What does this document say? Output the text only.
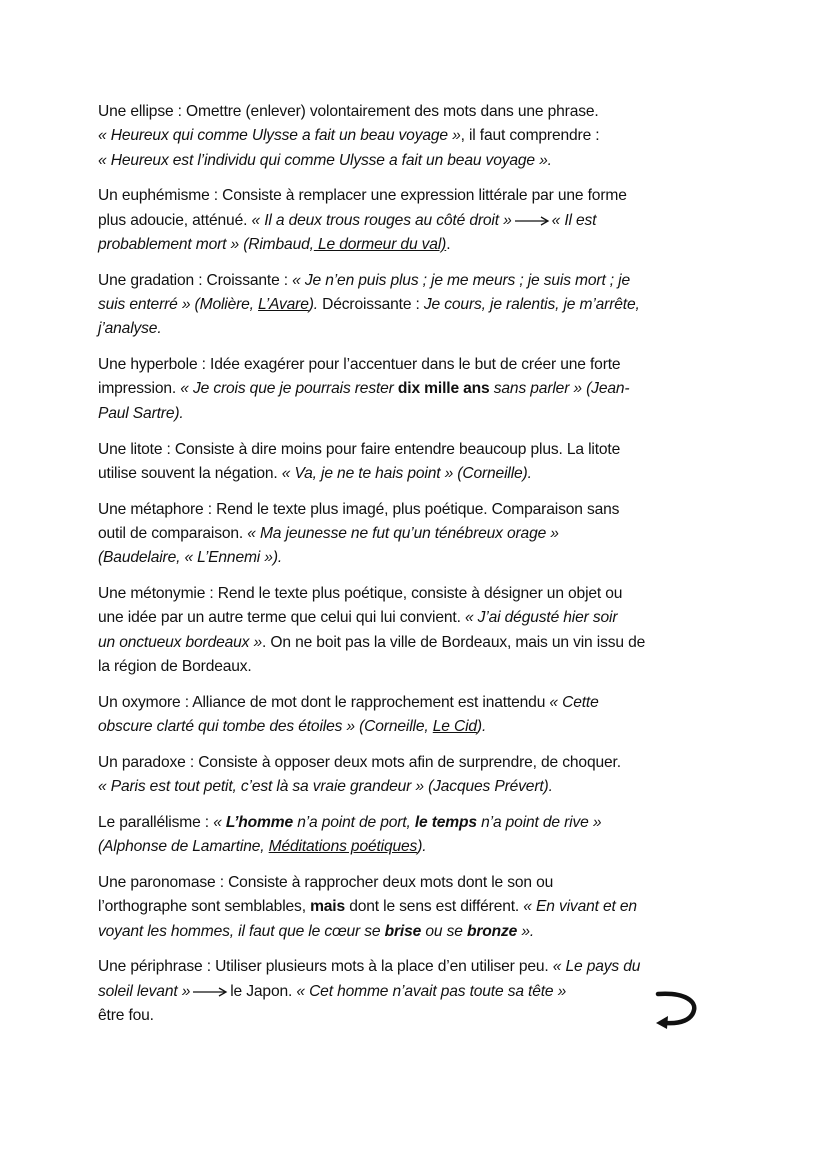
Une ellipse : Omettre (enlever) volontairement des mots dans une phrase.
« Heureux qui comme Ulysse a fait un beau voyage », il faut comprendre :
« Heureux est l’individu qui comme Ulysse a fait un beau voyage ».
Un euphémisme : Consiste à remplacer une expression littérale par une forme
plus adoucie, atténué. « Il a deux trous rouges au côté droit »	« Il est
probablement mort » (Rimbaud, Le dormeur du val).
Une gradation : Croissante : « Je n’en puis plus ; je me meurs ; je suis mort ; je
suis enterré » (Molière, L’Avare). Décroissante : Je cours, je ralentis, je m’arrête,
j’analyse.
Une hyperbole : Idée exagérer pour l’accentuer dans le but de créer une forte
impression. « Je crois que je pourrais rester dix mille ans sans parler » (Jean-
Paul Sartre).
Une litote : Consiste à dire moins pour faire entendre beaucoup plus. La litote
utilise souvent la négation. « Va, je ne te hais point » (Corneille).
Une métaphore : Rend le texte plus imagé, plus poétique. Comparaison sans
outil de comparaison. « Ma jeunesse ne fut qu’un ténébreux orage »
(Baudelaire, « L’Ennemi »).
Une métonymie : Rend le texte plus poétique, consiste à désigner un objet ou
une idée par un autre terme que celui qui lui convient. « J’ai dégusté hier soir
un onctueux bordeaux ». On ne boit pas la ville de Bordeaux, mais un vin issu de
la région de Bordeaux.
Un oxymore : Alliance de mot dont le rapprochement est inattendu « Cette
obscure clarté qui tombe des étoiles » (Corneille, Le Cid).
Un paradoxe : Consiste à opposer deux mots afin de surprendre, de choquer.
« Paris est tout petit, c’est là sa vraie grandeur » (Jacques Prévert).
Le parallélisme : « L’homme n’a point de port, le temps n’a point de rive »
(Alphonse de Lamartine, Méditations poétiques).
Une paronomase : Consiste à rapprocher deux mots dont le son ou
l’orthographe sont semblables, mais dont le sens est différent. « En vivant et en
voyant les hommes, il faut que le cœur se brise ou se bronze ».
Une périphrase : Utiliser plusieurs mots à la place d’en utiliser peu. « Le pays du
soleil levant »	le Japon. « Cet homme n’avait pas toute sa tête »
être fou.
